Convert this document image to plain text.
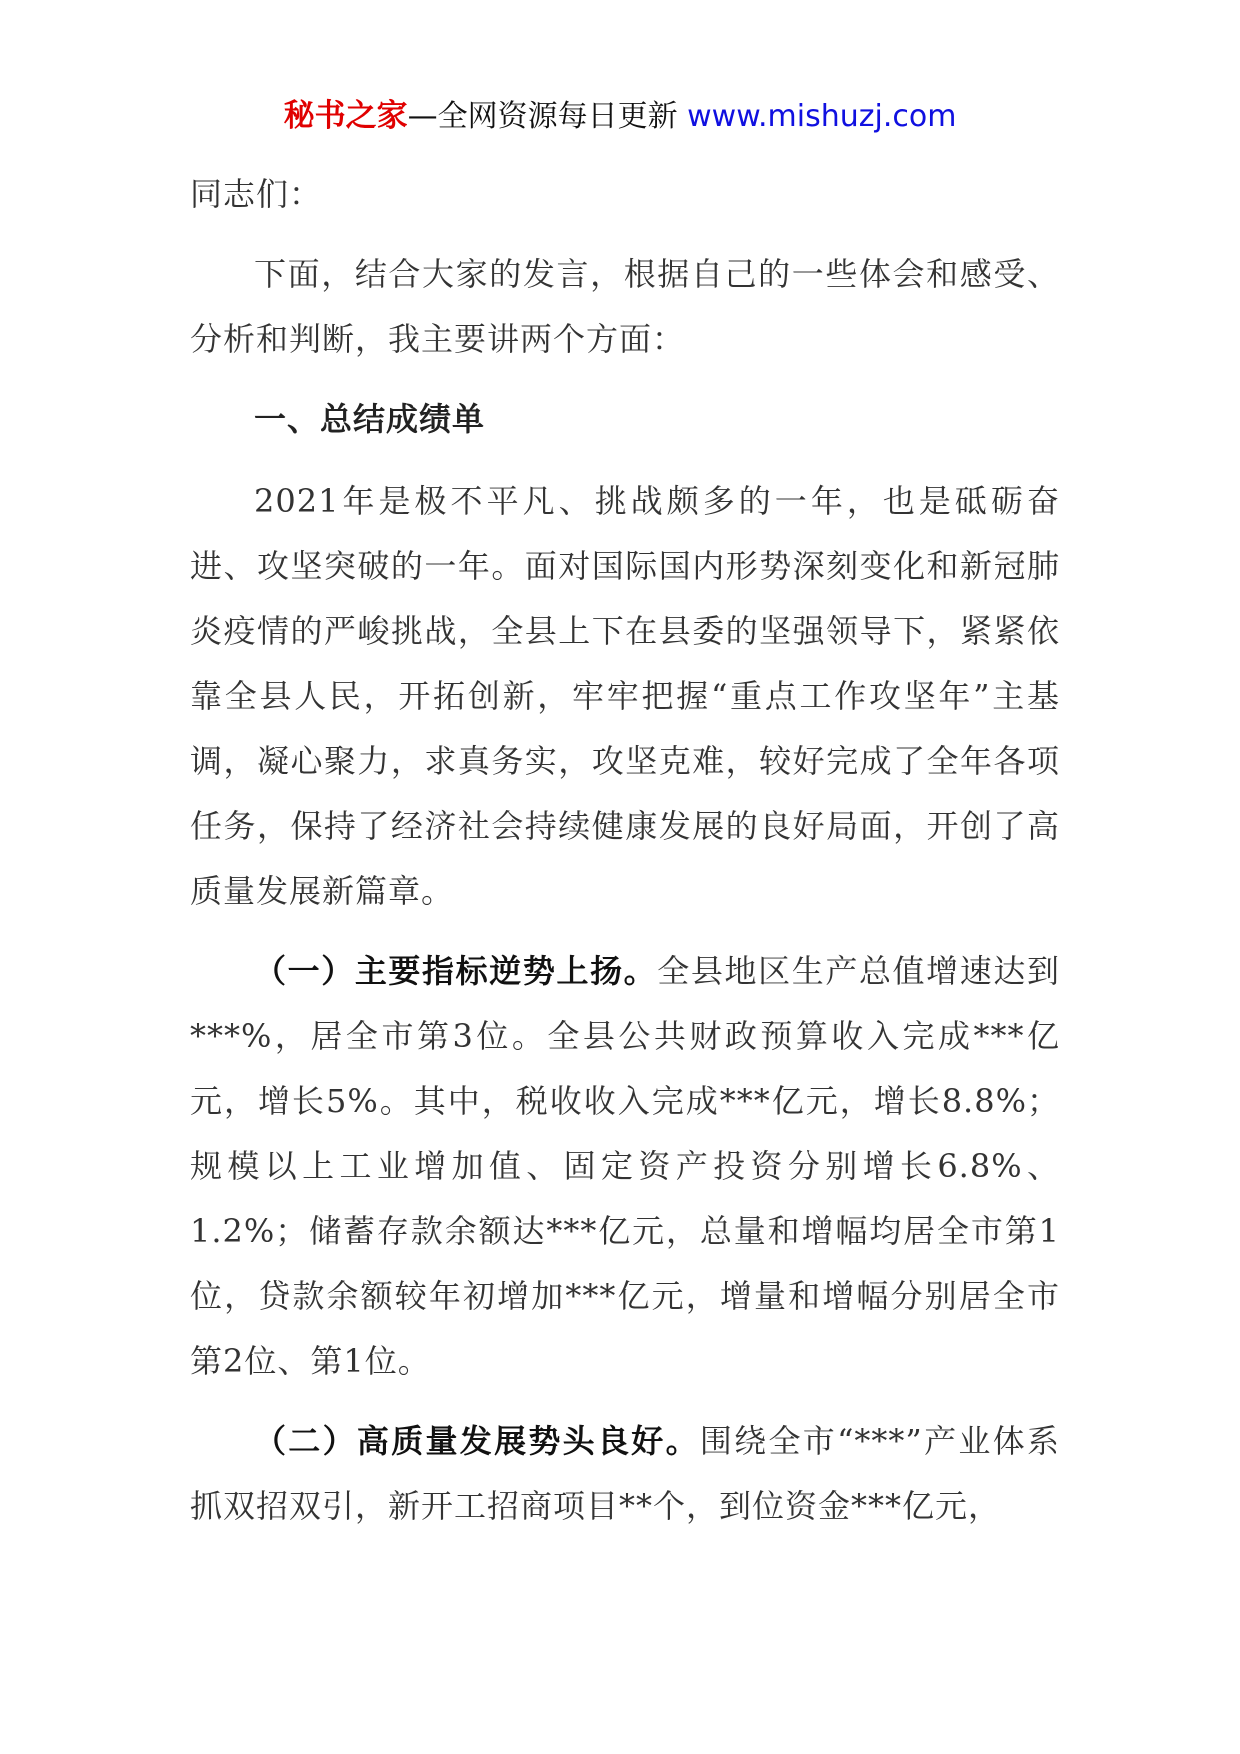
秘书之家—全网资源每日更新 www.mishuzj.com

同志们：

下面，结合大家的发言，根据自己的一些体会和感受、分析和判断，我主要讲两个方面：

一、总结成绩单

2021年是极不平凡、挑战颇多的一年，也是砥砺奋进、攻坚突破的一年。面对国际国内形势深刻变化和新冠肺炎疫情的严峻挑战，全县上下在县委的坚强领导下，紧紧依靠全县人民，开拓创新，牢牢把握“重点工作攻坚年”主基调，凝心聚力，求真务实，攻坚克难，较好完成了全年各项任务，保持了经济社会持续健康发展的良好局面，开创了高质量发展新篇章。

（一）主要指标逆势上扬。全县地区生产总值增速达到***%，居全市第3位。全县公共财政预算收入完成***亿元，增长5%。其中，税收收入完成***亿元，增长8.8%；规模以上工业增加值、固定资产投资分别增长6.8%、1.2%；储蓄存款余额达***亿元，总量和增幅均居全市第1位，贷款余额较年初增加***亿元，增量和增幅分别居全市第2位、第1位。

（二）高质量发展势头良好。围绕全市“***”产业体系抓双招双引，新开工招商项目**个，到位资金***亿元，
